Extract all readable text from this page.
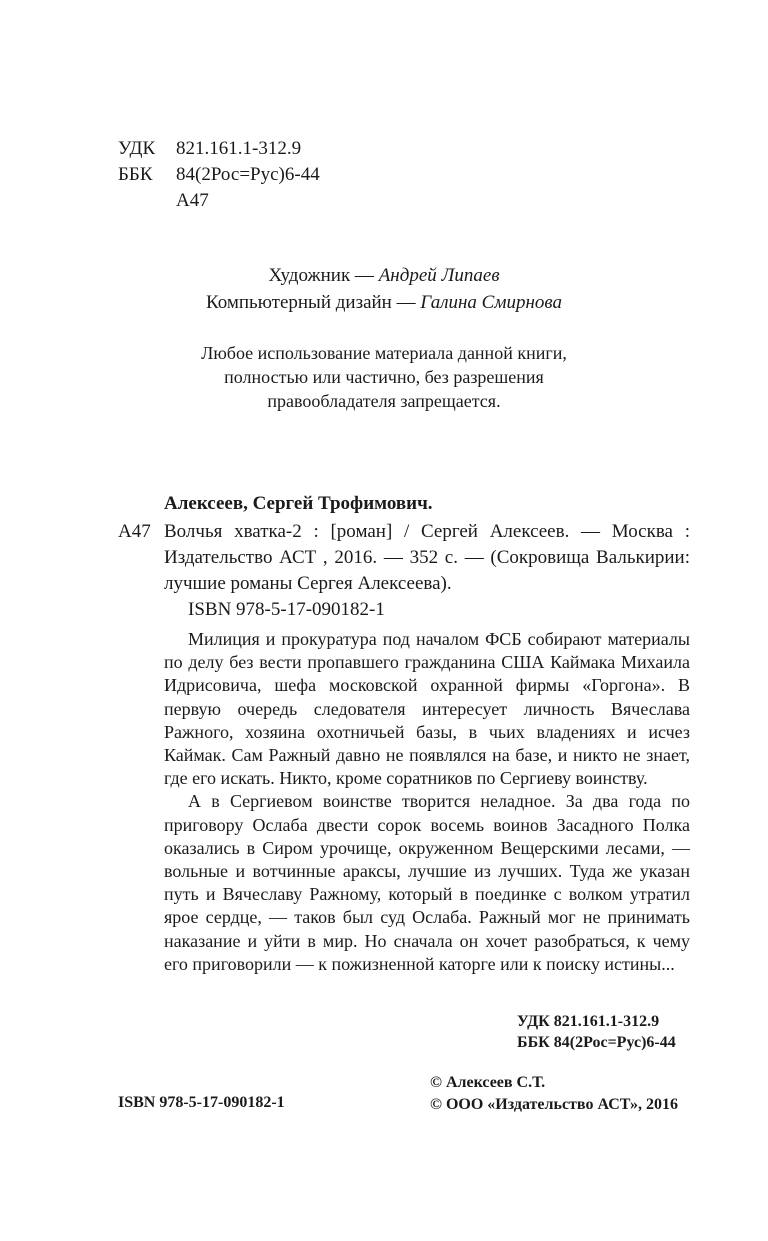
УДК	821.161.1-312.9
ББК	84(2Рос=Рус)6-44
А47
Художник — Андрей Липаев
Компьютерный дизайн — Галина Смирнова
Любое использование материала данной книги,
полностью или частично, без разрешения
правообладателя запрещается.
Алексеев, Сергей Трофимович.
А47 Волчья хватка-2 : [роман] / Сергей Алексеев. — Москва : Издательство АСТ , 2016. — 352 с. — (Сокровища Валькирии: лучшие романы Сергея Алексеева).
ISBN 978-5-17-090182-1

Милиция и прокуратура под началом ФСБ собирают материалы по делу без вести пропавшего гражданина США Каймака Михаила Идрисовича, шефа московской охранной фирмы «Горгона». В первую очередь следователя интересует личность Вячеслава Ражного, хозяина охотничьей базы, в чьих владениях и исчез Каймак. Сам Ражный давно не появлялся на базе, и никто не знает, где его искать. Никто, кроме соратников по Сергиеву воинству.

А в Сергиевом воинстве творится неладное. За два года по приговору Ослаба двести сорок восемь воинов Засадного Полка оказались в Сиром урочище, окруженном Вещерскими лесами, — вольные и вотчинные араксы, лучшие из лучших. Туда же указан путь и Вячеславу Ражному, который в поединке с волком утратил ярое сердце, — таков был суд Ослаба. Ражный мог не принимать наказание и уйти в мир. Но сначала он хочет разобраться, к чему его приговорили — к пожизненной каторге или к поиску истины...

УДК 821.161.1-312.9
ББК 84(2Рос=Рус)6-44
© Алексеев С.Т.
© ООО «Издательство АСТ», 2016
ISBN 978-5-17-090182-1
